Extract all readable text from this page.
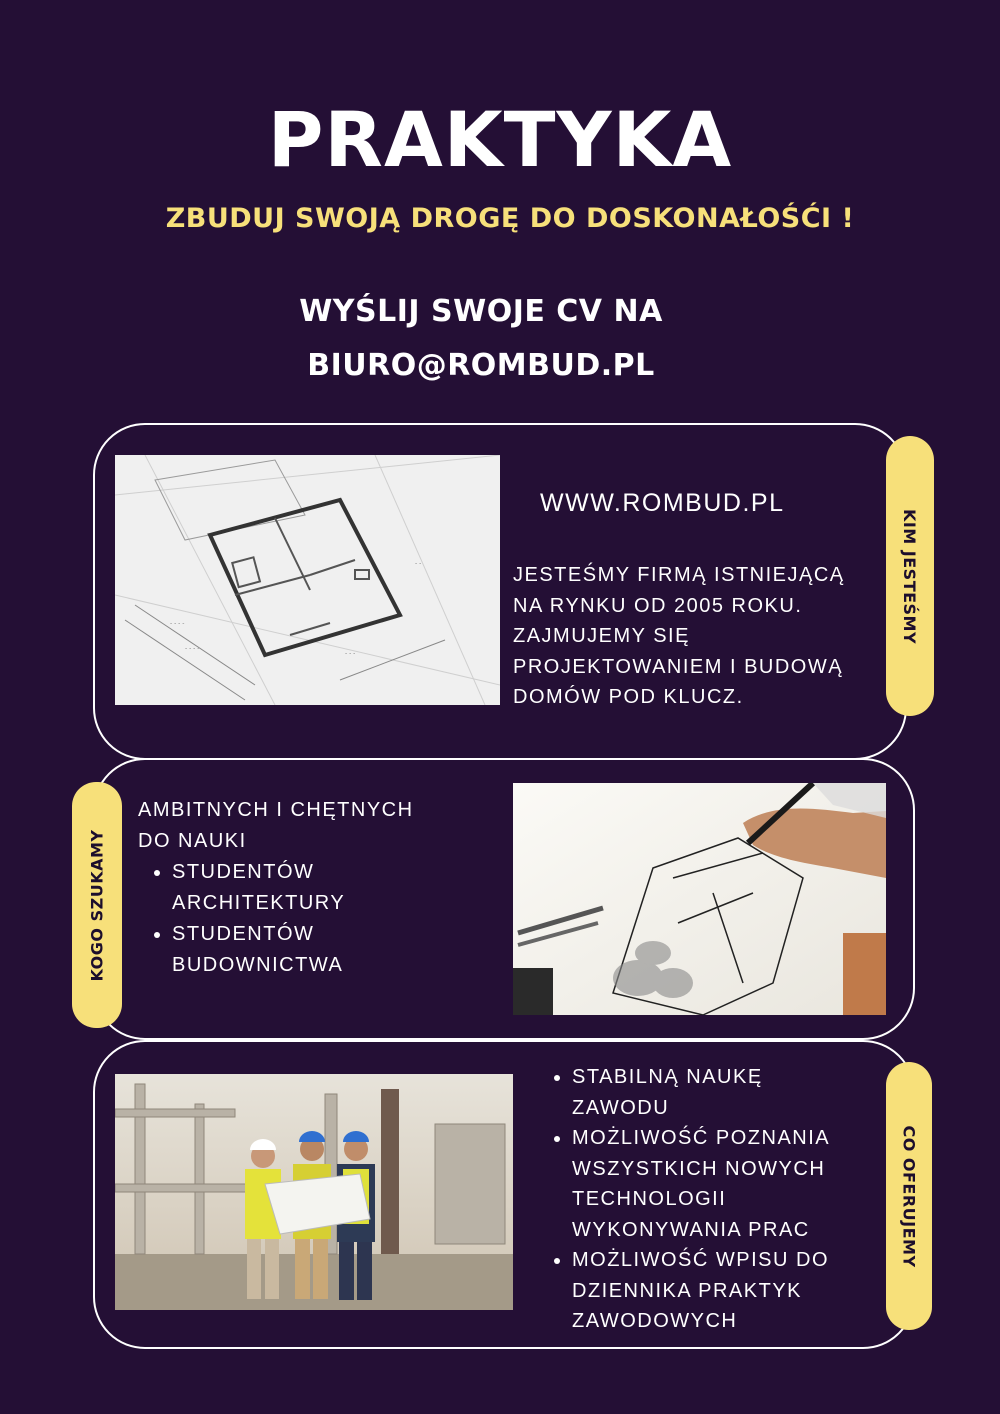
PRAKTYKA
ZBUDUJ SWOJĄ DROGĘ DO DOSKONAŁOŚĆI !
WYŚLIJ SWOJE CV NA
BIURO@ROMBUD.PL
- - - -
- - - -
- - -
- -
WWW.ROMBUD.PL

JESTEŚMY FIRMĄ ISTNIEJĄCĄ

NA RYNKU OD 2005 ROKU.

ZAJMUJEMY SIĘ

PROJEKTOWANIEM I BUDOWĄ

DOMÓW POD KLUCZ.

KIM JESTEŚMY
KOGO SZUKAMY

AMBITNYCH I CHĘTNYCH

DO NAUKI

STUDENTÓW
ARCHITEKTURY
STUDENTÓW
BUDOWNICTWA
STABILNĄ NAUKĘ
ZAWODU
MOŻLIWOŚĆ POZNANIA
WSZYSTKICH NOWYCH
TECHNOLOGII
WYKONYWANIA PRAC
MOŻLIWOŚĆ WPISU DO
DZIENNIKA PRAKTYK
ZAWODOWYCH
CO OFERUJEMY
